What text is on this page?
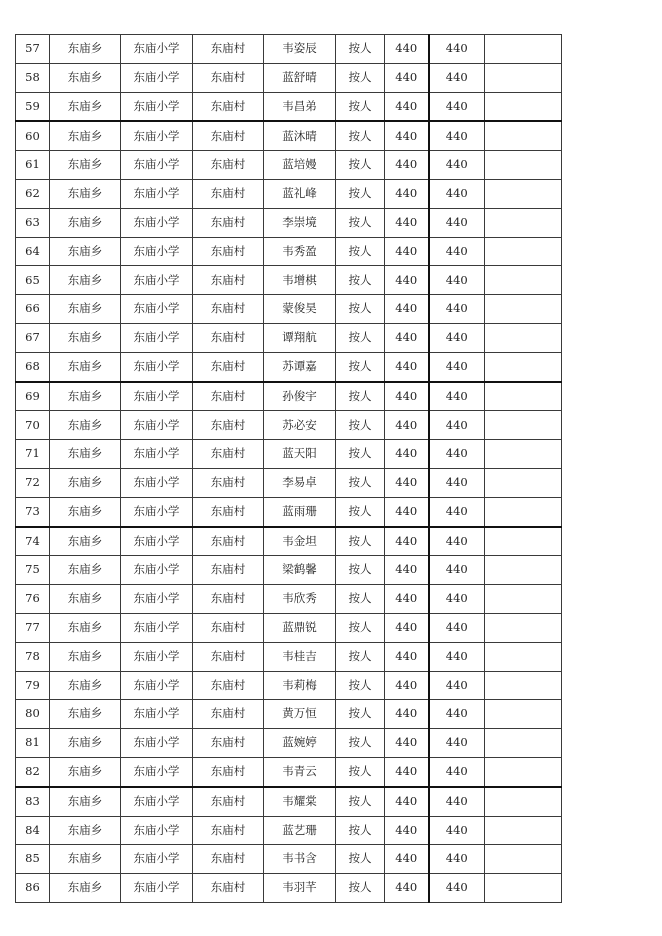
57	东庙乡	东庙小学	东庙村	韦姿辰	按人	440	440	
58	东庙乡	东庙小学	东庙村	蓝舒晴	按人	440	440	
59	东庙乡	东庙小学	东庙村	韦昌弟	按人	440	440	
60	东庙乡	东庙小学	东庙村	蓝沐晴	按人	440	440	
61	东庙乡	东庙小学	东庙村	蓝培嫚	按人	440	440	
62	东庙乡	东庙小学	东庙村	蓝礼峰	按人	440	440	
63	东庙乡	东庙小学	东庙村	李崇境	按人	440	440	
64	东庙乡	东庙小学	东庙村	韦秀盈	按人	440	440	
65	东庙乡	东庙小学	东庙村	韦增棋	按人	440	440	
66	东庙乡	东庙小学	东庙村	蒙俊昊	按人	440	440	
67	东庙乡	东庙小学	东庙村	谭翔航	按人	440	440	
68	东庙乡	东庙小学	东庙村	苏谭嘉	按人	440	440	
69	东庙乡	东庙小学	东庙村	孙俊宇	按人	440	440	
70	东庙乡	东庙小学	东庙村	苏必安	按人	440	440	
71	东庙乡	东庙小学	东庙村	蓝天阳	按人	440	440	
72	东庙乡	东庙小学	东庙村	李易卓	按人	440	440	
73	东庙乡	东庙小学	东庙村	蓝雨珊	按人	440	440	
74	东庙乡	东庙小学	东庙村	韦金坦	按人	440	440	
75	东庙乡	东庙小学	东庙村	梁鹤馨	按人	440	440	
76	东庙乡	东庙小学	东庙村	韦欣秀	按人	440	440	
77	东庙乡	东庙小学	东庙村	蓝鼎锐	按人	440	440	
78	东庙乡	东庙小学	东庙村	韦桂吉	按人	440	440	
79	东庙乡	东庙小学	东庙村	韦莉梅	按人	440	440	
80	东庙乡	东庙小学	东庙村	黄万恒	按人	440	440	
81	东庙乡	东庙小学	东庙村	蓝婉婷	按人	440	440	
82	东庙乡	东庙小学	东庙村	韦青云	按人	440	440	
83	东庙乡	东庙小学	东庙村	韦耀棠	按人	440	440	
84	东庙乡	东庙小学	东庙村	蓝艺珊	按人	440	440	
85	东庙乡	东庙小学	东庙村	韦书含	按人	440	440	
86	东庙乡	东庙小学	东庙村	韦羽芊	按人	440	440	
